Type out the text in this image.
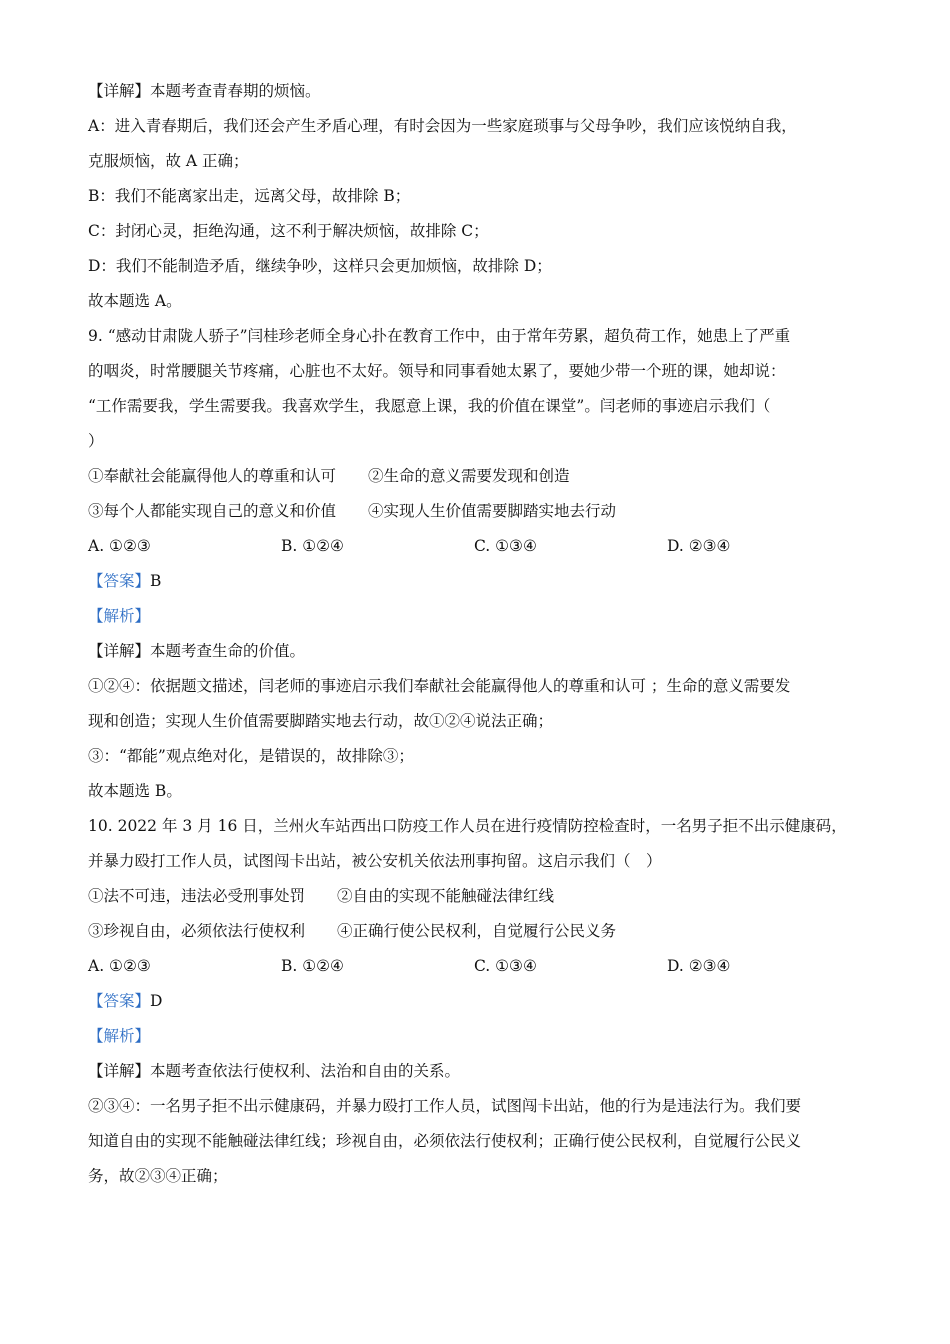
【详解】本题考查青春期的烦恼。
A：进入青春期后，我们还会产生矛盾心理，有时会因为一些家庭琐事与父母争吵，我们应该悦纳自我，
克服烦恼，故 A 正确；
B：我们不能离家出走，远离父母，故排除 B；
C：封闭心灵，拒绝沟通，这不利于解决烦恼，故排除 C；
D：我们不能制造矛盾，继续争吵，这样只会更加烦恼，故排除 D；
故本题选 A。
9. “感动甘肃陇人骄子”闫桂珍老师全身心扑在教育工作中，由于常年劳累，超负荷工作，她患上了严重
的咽炎，时常腰腿关节疼痛，心脏也不太好。领导和同事看她太累了，要她少带一个班的课，她却说：
“工作需要我，学生需要我。我喜欢学生，我愿意上课，我的价值在课堂”。闫老师的事迹启示我们（
）
①奉献社会能赢得他人的尊重和认可 ②生命的意义需要发现和创造
③每个人都能实现自己的意义和价值 ④实现人生价值需要脚踏实地去行动
A. ①②③	B. ①②④	C. ①③④	D. ②③④
【答案】B
【解析】
【详解】本题考查生命的价值。
①②④：依据题文描述，闫老师的事迹启示我们奉献社会能赢得他人的尊重和认可 ；生命的意义需要发
现和创造；实现人生价值需要脚踏实地去行动，故①②④说法正确；
③：“都能”观点绝对化，是错误的，故排除③；
故本题选 B。
10. 2022 年 3 月 16 日，兰州火车站西出口防疫工作人员在进行疫情防控检查时，一名男子拒不出示健康码，
并暴力殴打工作人员，试图闯卡出站，被公安机关依法刑事拘留。这启示我们（　）
①法不可违，违法必受刑事处罚 ②自由的实现不能触碰法律红线
③珍视自由，必须依法行使权利 ④正确行使公民权利，自觉履行公民义务
A. ①②③	B. ①②④	C. ①③④	D. ②③④
【答案】D
【解析】
【详解】本题考查依法行使权利、法治和自由的关系。
②③④：一名男子拒不出示健康码，并暴力殴打工作人员，试图闯卡出站，他的行为是违法行为。我们要
知道自由的实现不能触碰法律红线；珍视自由，必须依法行使权利；正确行使公民权利，自觉履行公民义
务，故②③④正确；
